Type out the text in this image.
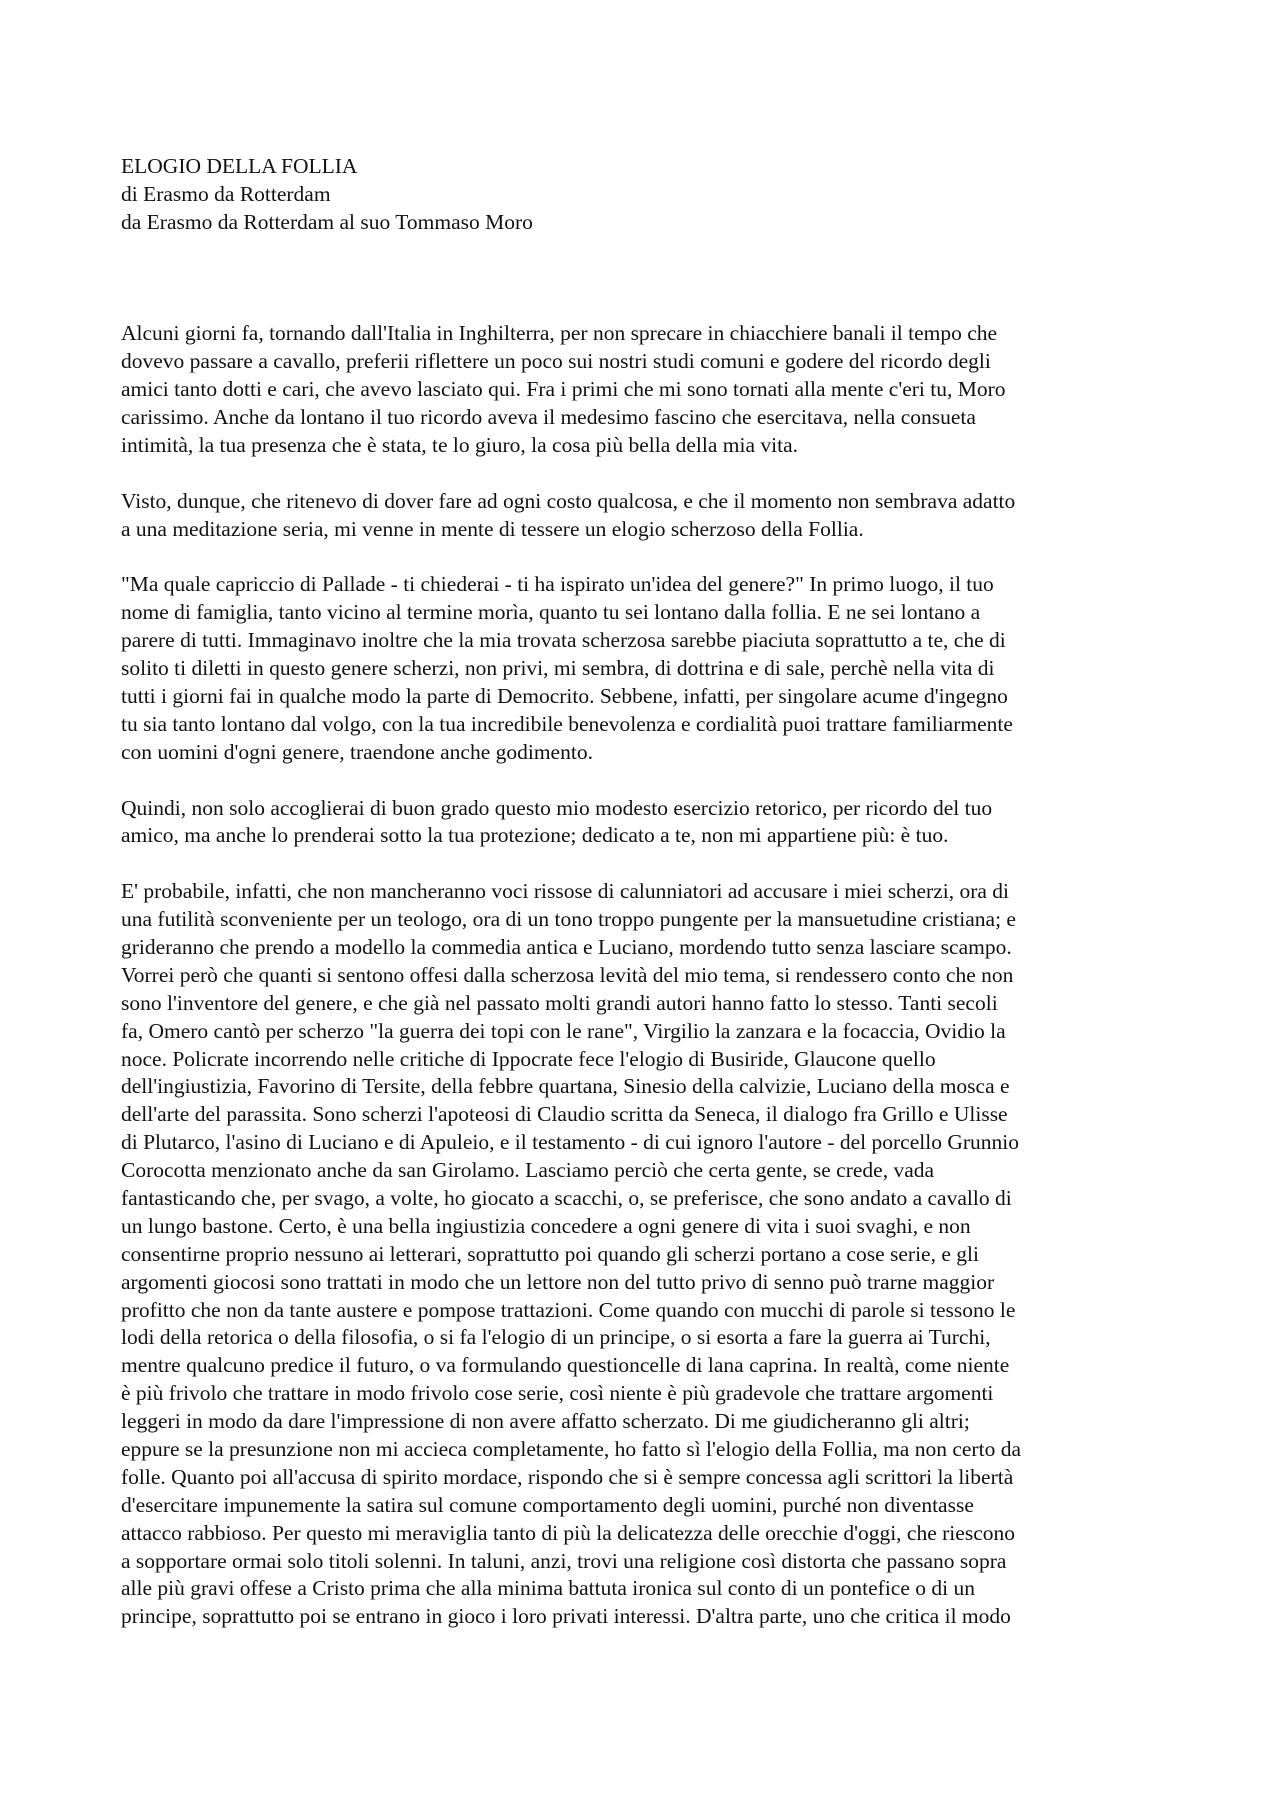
ELOGIO DELLA FOLLIA
di Erasmo da Rotterdam
da Erasmo da Rotterdam al suo Tommaso Moro
Alcuni giorni fa, tornando dall'Italia in Inghilterra, per non sprecare in chiacchiere banali il tempo che
dovevo passare a cavallo, preferii riflettere un poco sui nostri studi comuni e godere del ricordo degli
amici tanto dotti e cari, che avevo lasciato qui. Fra i primi che mi sono tornati alla mente c'eri tu, Moro
carissimo. Anche da lontano il tuo ricordo aveva il medesimo fascino che esercitava, nella consueta
intimità, la tua presenza che è stata, te lo giuro, la cosa più bella della mia vita.
Visto, dunque, che ritenevo di dover fare ad ogni costo qualcosa, e che il momento non sembrava adatto
a una meditazione seria, mi venne in mente di tessere un elogio scherzoso della Follia.
"Ma quale capriccio di Pallade - ti chiederai - ti ha ispirato un'idea del genere?" In primo luogo, il tuo
nome di famiglia, tanto vicino al termine morìa, quanto tu sei lontano dalla follia. E ne sei lontano a
parere di tutti. Immaginavo inoltre che la mia trovata scherzosa sarebbe piaciuta soprattutto a te, che di
solito ti diletti in questo genere scherzi, non privi, mi sembra, di dottrina e di sale, perchè nella vita di
tutti i giorni fai in qualche modo la parte di Democrito. Sebbene, infatti, per singolare acume d'ingegno
tu sia tanto lontano dal volgo, con la tua incredibile benevolenza e cordialità puoi trattare familiarmente
con uomini d'ogni genere, traendone anche godimento.
Quindi, non solo accoglierai di buon grado questo mio modesto esercizio retorico, per ricordo del tuo
amico, ma anche lo prenderai sotto la tua protezione; dedicato a te, non mi appartiene più: è tuo.
E' probabile, infatti, che non mancheranno voci rissose di calunniatori ad accusare i miei scherzi, ora di
una futilità sconveniente per un teologo, ora di un tono troppo pungente per la mansuetudine cristiana; e
grideranno che prendo a modello la commedia antica e Luciano, mordendo tutto senza lasciare scampo.
Vorrei però che quanti si sentono offesi dalla scherzosa levità del mio tema, si rendessero conto che non
sono l'inventore del genere, e che già nel passato molti grandi autori hanno fatto lo stesso. Tanti secoli
fa, Omero cantò per scherzo "la guerra dei topi con le rane", Virgilio la zanzara e la focaccia, Ovidio la
noce. Policrate incorrendo nelle critiche di Ippocrate fece l'elogio di Busiride, Glaucone quello
dell'ingiustizia, Favorino di Tersite, della febbre quartana, Sinesio della calvizie, Luciano della mosca e
dell'arte del parassita. Sono scherzi l'apoteosi di Claudio scritta da Seneca, il dialogo fra Grillo e Ulisse
di Plutarco, l'asino di Luciano e di Apuleio, e il testamento - di cui ignoro l'autore - del porcello Grunnio
Corocotta menzionato anche da san Girolamo. Lasciamo perciò che certa gente, se crede, vada
fantasticando che, per svago, a volte, ho giocato a scacchi, o, se preferisce, che sono andato a cavallo di
un lungo bastone. Certo, è una bella ingiustizia concedere a ogni genere di vita i suoi svaghi, e non
consentirne proprio nessuno ai letterari, soprattutto poi quando gli scherzi portano a cose serie, e gli
argomenti giocosi sono trattati in modo che un lettore non del tutto privo di senno può trarne maggior
profitto che non da tante austere e pompose trattazioni. Come quando con mucchi di parole si tessono le
lodi della retorica o della filosofia, o si fa l'elogio di un principe, o si esorta a fare la guerra ai Turchi,
mentre qualcuno predice il futuro, o va formulando questioncelle di lana caprina. In realtà, come niente
è più frivolo che trattare in modo frivolo cose serie, così niente è più gradevole che trattare argomenti
leggeri in modo da dare l'impressione di non avere affatto scherzato. Di me giudicheranno gli altri;
eppure se la presunzione non mi accieca completamente, ho fatto sì l'elogio della Follia, ma non certo da
folle. Quanto poi all'accusa di spirito mordace, rispondo che si è sempre concessa agli scrittori la libertà
d'esercitare impunemente la satira sul comune comportamento degli uomini, purché non diventasse
attacco rabbioso. Per questo mi meraviglia tanto di più la delicatezza delle orecchie d'oggi, che riescono
a sopportare ormai solo titoli solenni. In taluni, anzi, trovi una religione così distorta che passano sopra
alle più gravi offese a Cristo prima che alla minima battuta ironica sul conto di un pontefice o di un
principe, soprattutto poi se entrano in gioco i loro privati interessi. D'altra parte, uno che critica il modo
